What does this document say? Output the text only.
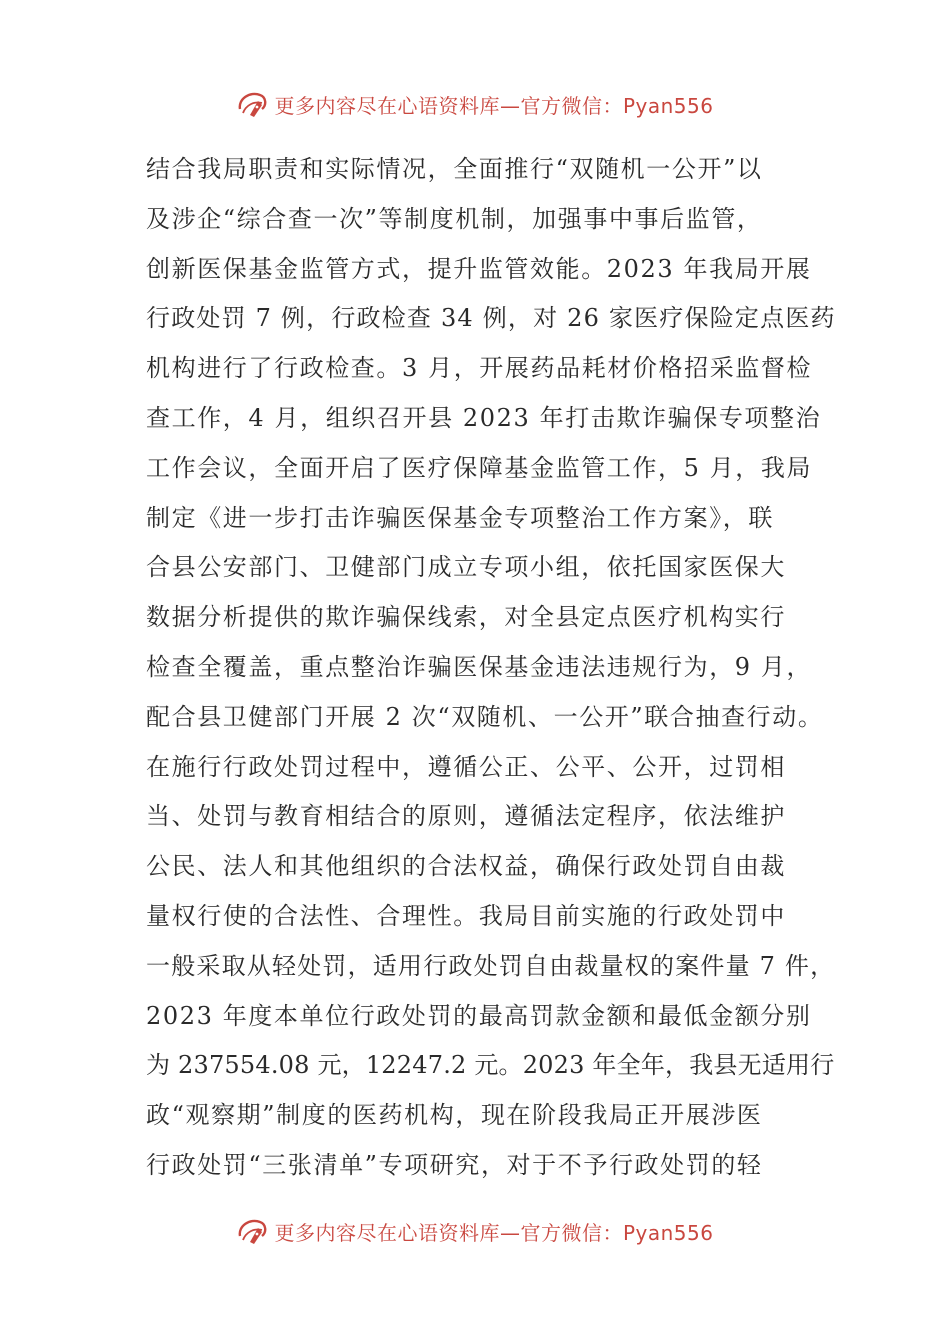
更多内容尽在心语资料库—官方微信：Pyan556
结合我局职责和实际情况，全面推行“双随机一公开”以
及涉企“综合查一次”等制度机制，加强事中事后监管，
创新医保基金监管方式，提升监管效能。2023 年我局开展
行政处罚 7 例，行政检查 34 例，对 26 家医疗保险定点医药
机构进行了行政检查。3 月，开展药品耗材价格招采监督检
查工作，4 月，组织召开县 2023 年打击欺诈骗保专项整治
工作会议，全面开启了医疗保障基金监管工作，5 月，我局
制定《进一步打击诈骗医保基金专项整治工作方案》，联
合县公安部门、卫健部门成立专项小组，依托国家医保大
数据分析提供的欺诈骗保线索，对全县定点医疗机构实行
检查全覆盖，重点整治诈骗医保基金违法违规行为，9 月，
配合县卫健部门开展 2 次“双随机、一公开”联合抽查行动。
在施行行政处罚过程中，遵循公正、公平、公开，过罚相
当、处罚与教育相结合的原则，遵循法定程序，依法维护
公民、法人和其他组织的合法权益，确保行政处罚自由裁
量权行使的合法性、合理性。我局目前实施的行政处罚中
一般采取从轻处罚，适用行政处罚自由裁量权的案件量 7 件，
2023 年度本单位行政处罚的最高罚款金额和最低金额分别
为 237554.08 元，12247.2 元。2023 年全年，我县无适用行
政“观察期”制度的医药机构，现在阶段我局正开展涉医
行政处罚“三张清单”专项研究，对于不予行政处罚的轻
更多内容尽在心语资料库—官方微信：Pyan556
